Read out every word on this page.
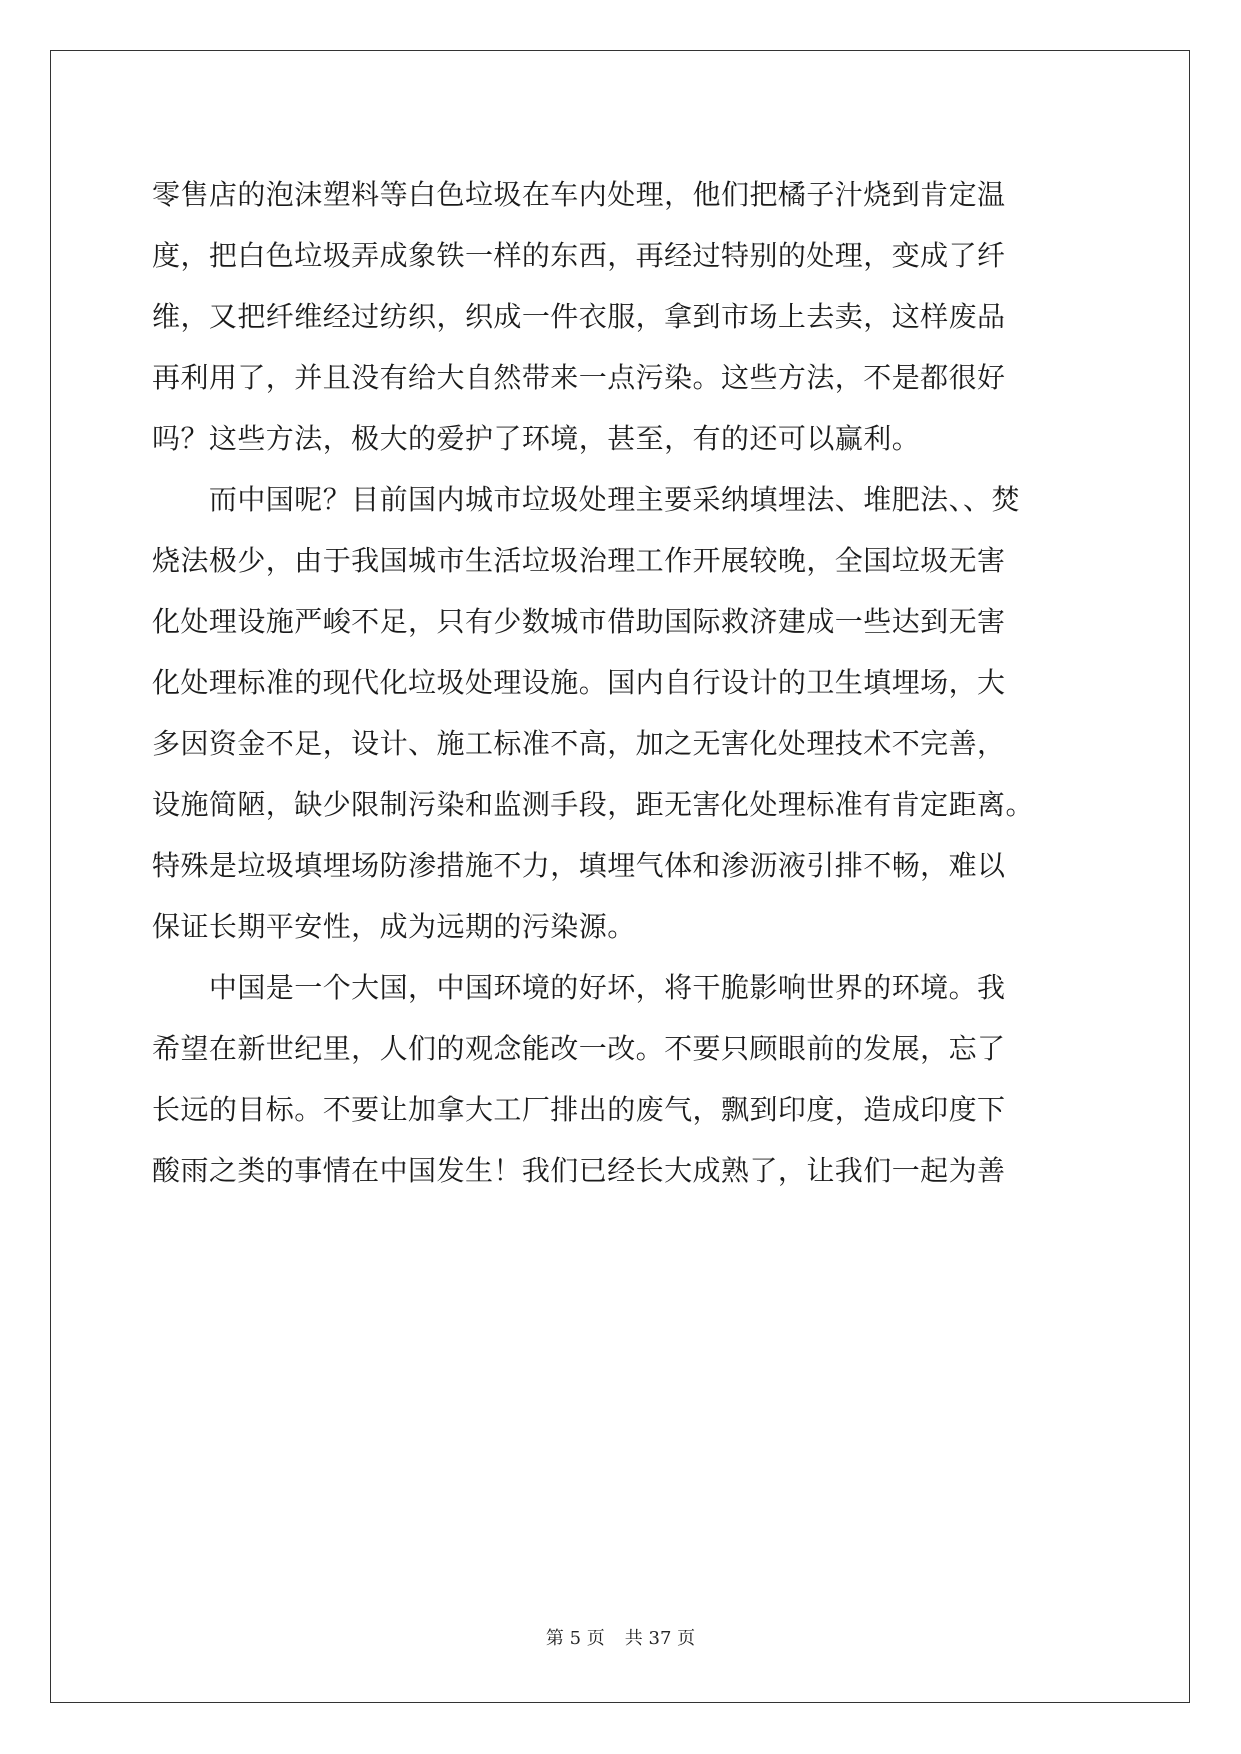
零售店的泡沫塑料等白色垃圾在车内处理，他们把橘子汁烧到肯定温
度，把白色垃圾弄成象铁一样的东西，再经过特别的处理，变成了纤
维，又把纤维经过纺织，织成一件衣服，拿到市场上去卖，这样废品
再利用了，并且没有给大自然带来一点污染。这些方法，不是都很好
吗？这些方法，极大的爱护了环境，甚至，有的还可以赢利。
　　而中国呢？目前国内城市垃圾处理主要采纳填埋法、堆肥法、、焚
烧法极少，由于我国城市生活垃圾治理工作开展较晚，全国垃圾无害
化处理设施严峻不足，只有少数城市借助国际救济建成一些达到无害
化处理标准的现代化垃圾处理设施。国内自行设计的卫生填埋场，大
多因资金不足，设计、施工标准不高，加之无害化处理技术不完善，
设施简陋，缺少限制污染和监测手段，距无害化处理标准有肯定距离。
特殊是垃圾填埋场防渗措施不力，填埋气体和渗沥液引排不畅，难以
保证长期平安性，成为远期的污染源。
　　中国是一个大国，中国环境的好坏，将干脆影响世界的环境。我
希望在新世纪里，人们的观念能改一改。不要只顾眼前的发展，忘了
长远的目标。不要让加拿大工厂排出的废气，飘到印度，造成印度下
酸雨之类的事情在中国发生！我们已经长大成熟了，让我们一起为善
第 5 页 共 37 页
